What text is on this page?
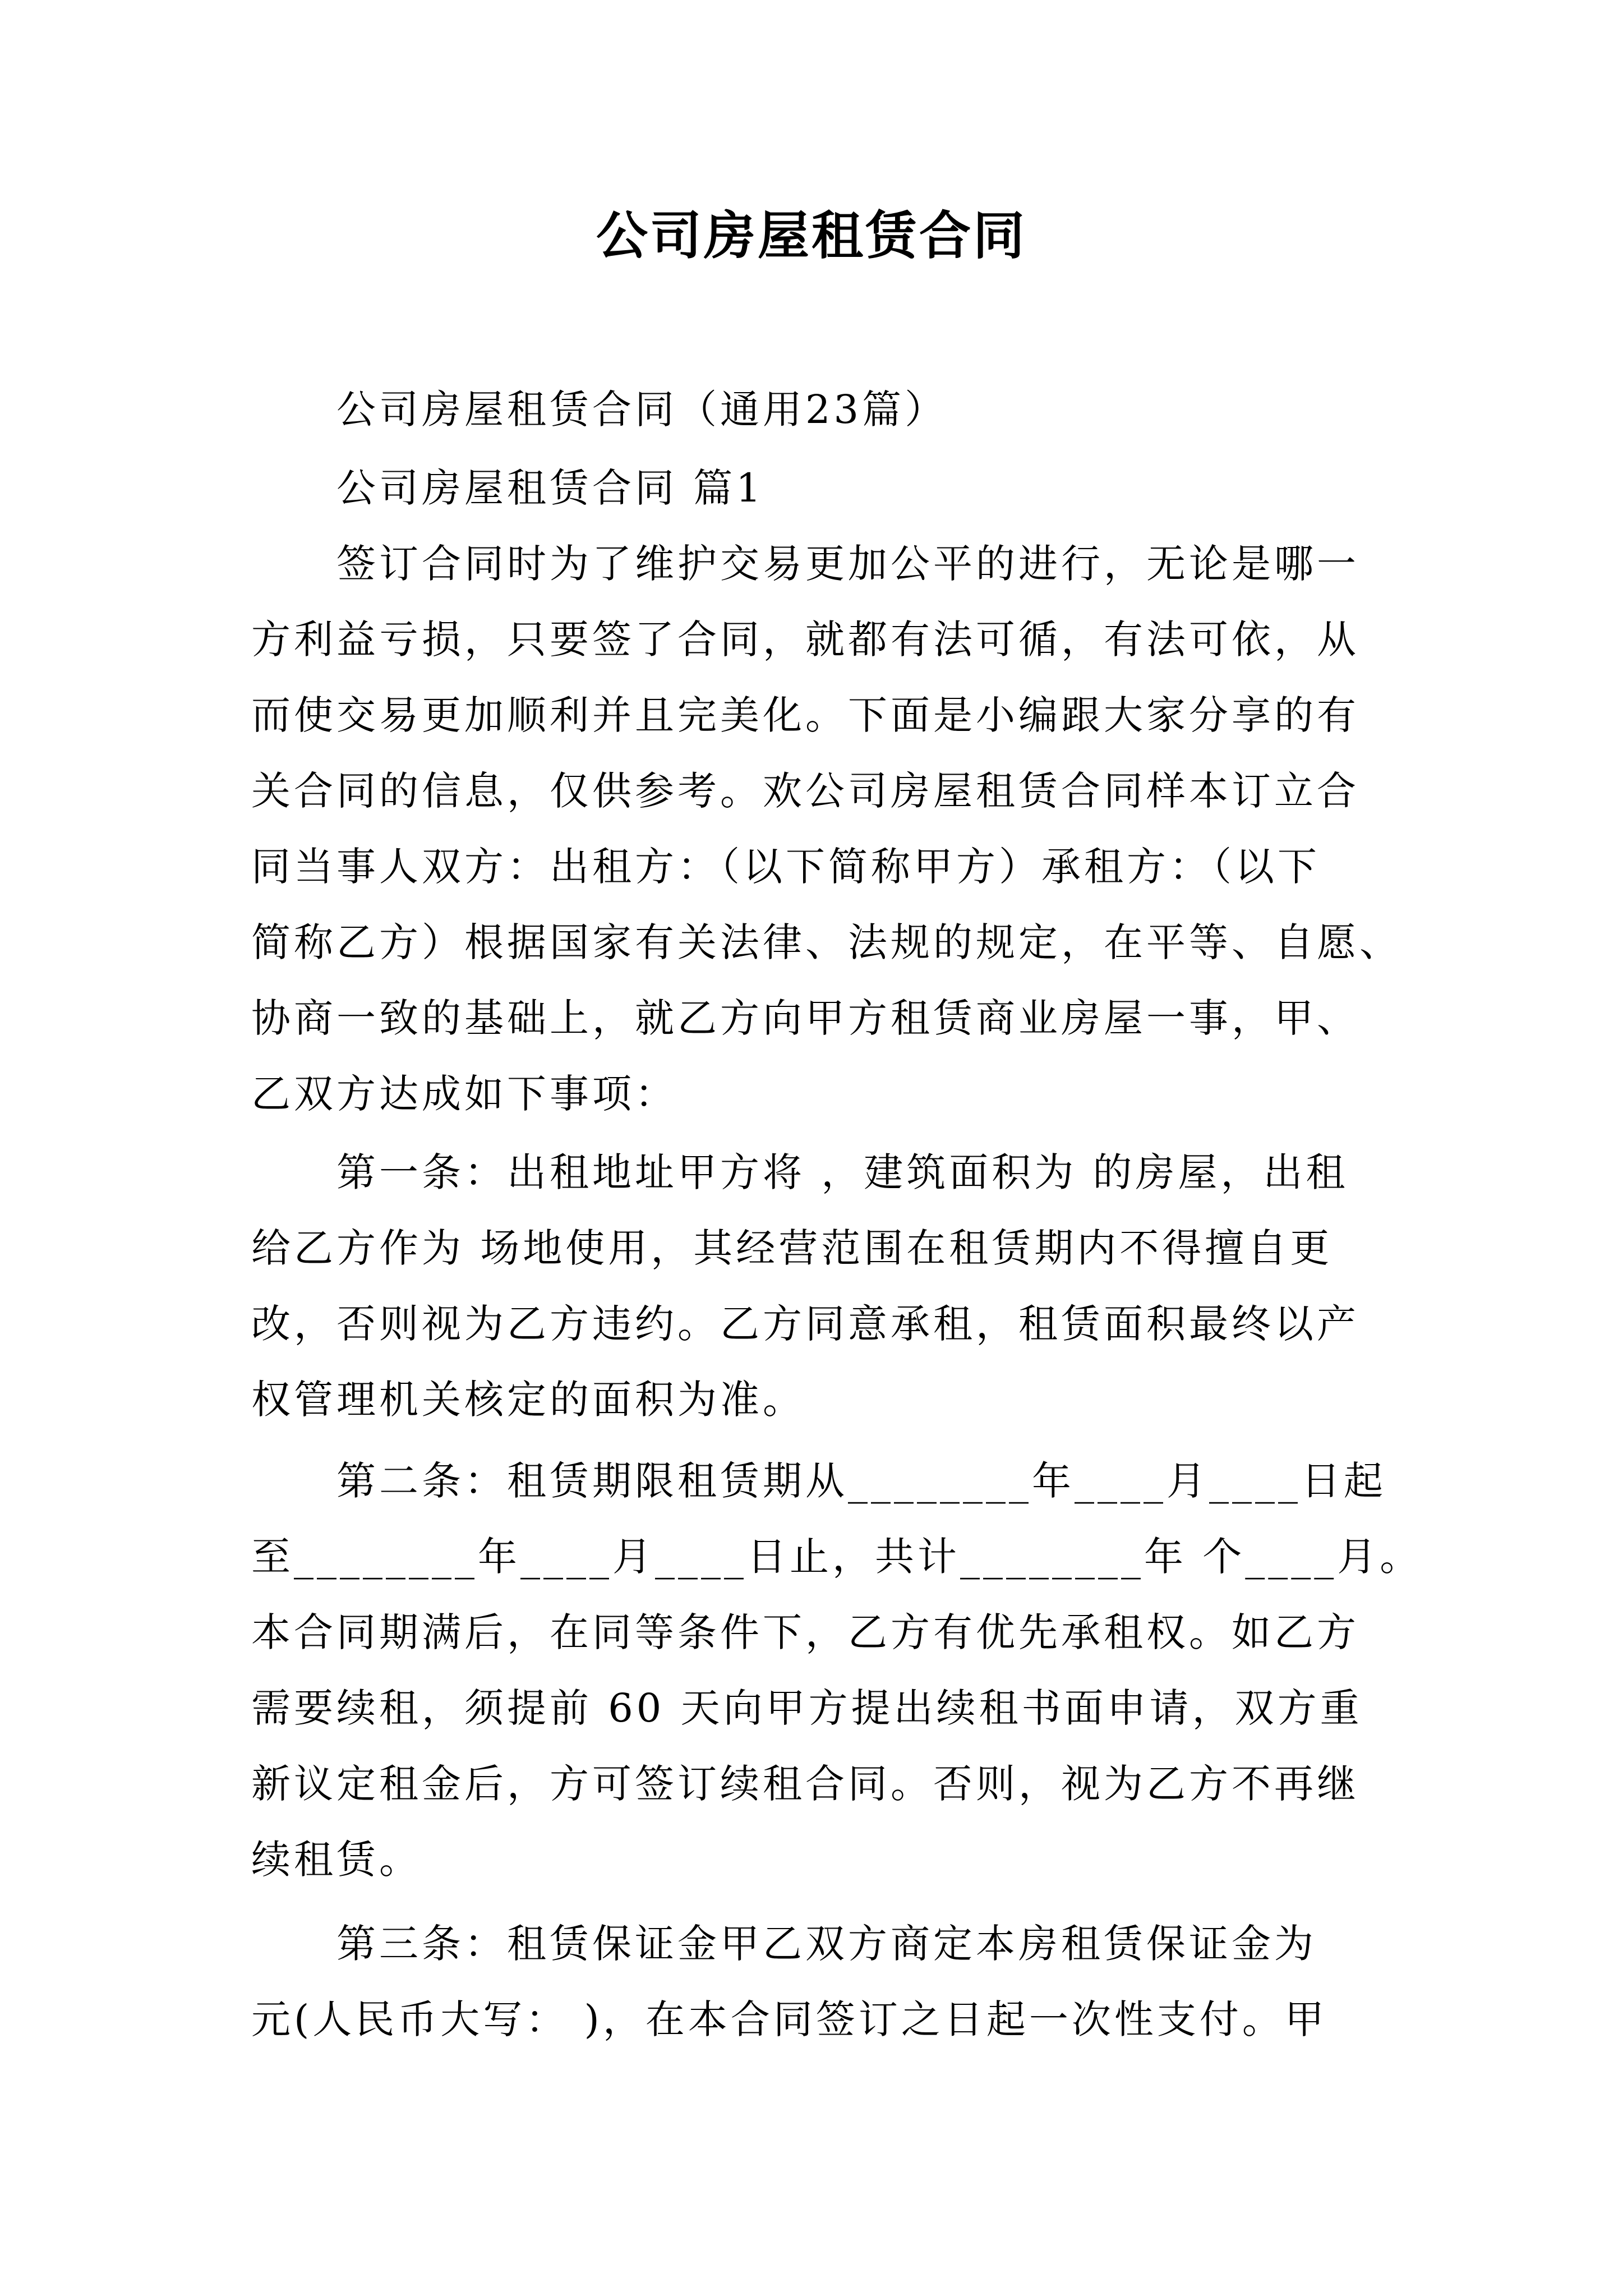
公司房屋租赁合同
公司房屋租赁合同（通用23篇）
公司房屋租赁合同 篇1
签订合同时为了维护交易更加公平的进行，无论是哪一
方利益亏损，只要签了合同，就都有法可循，有法可依，从
而使交易更加顺利并且完美化。下面是小编跟大家分享的有
关合同的信息，仅供参考。欢公司房屋租赁合同样本订立合
同当事人双方：出租方：（以下简称甲方）承租方：（以下
简称乙方）根据国家有关法律、法规的规定，在平等、自愿、
协商一致的基础上，就乙方向甲方租赁商业房屋一事，甲、
乙双方达成如下事项：
第一条：出租地址甲方将 ，建筑面积为 的房屋，出租
给乙方作为 场地使用，其经营范围在租赁期内不得擅自更
改，否则视为乙方违约。乙方同意承租，租赁面积最终以产
权管理机关核定的面积为准。
第二条：租赁期限租赁期从________年____月____日起
至________年____月____日止，共计________年 个____月。
本合同期满后，在同等条件下，乙方有优先承租权。如乙方
需要续租，须提前 60 天向甲方提出续租书面申请，双方重
新议定租金后，方可签订续租合同。否则，视为乙方不再继
续租赁。
第三条：租赁保证金甲乙双方商定本房租赁保证金为
元(人民币大写： )，在本合同签订之日起一次性支付。甲
